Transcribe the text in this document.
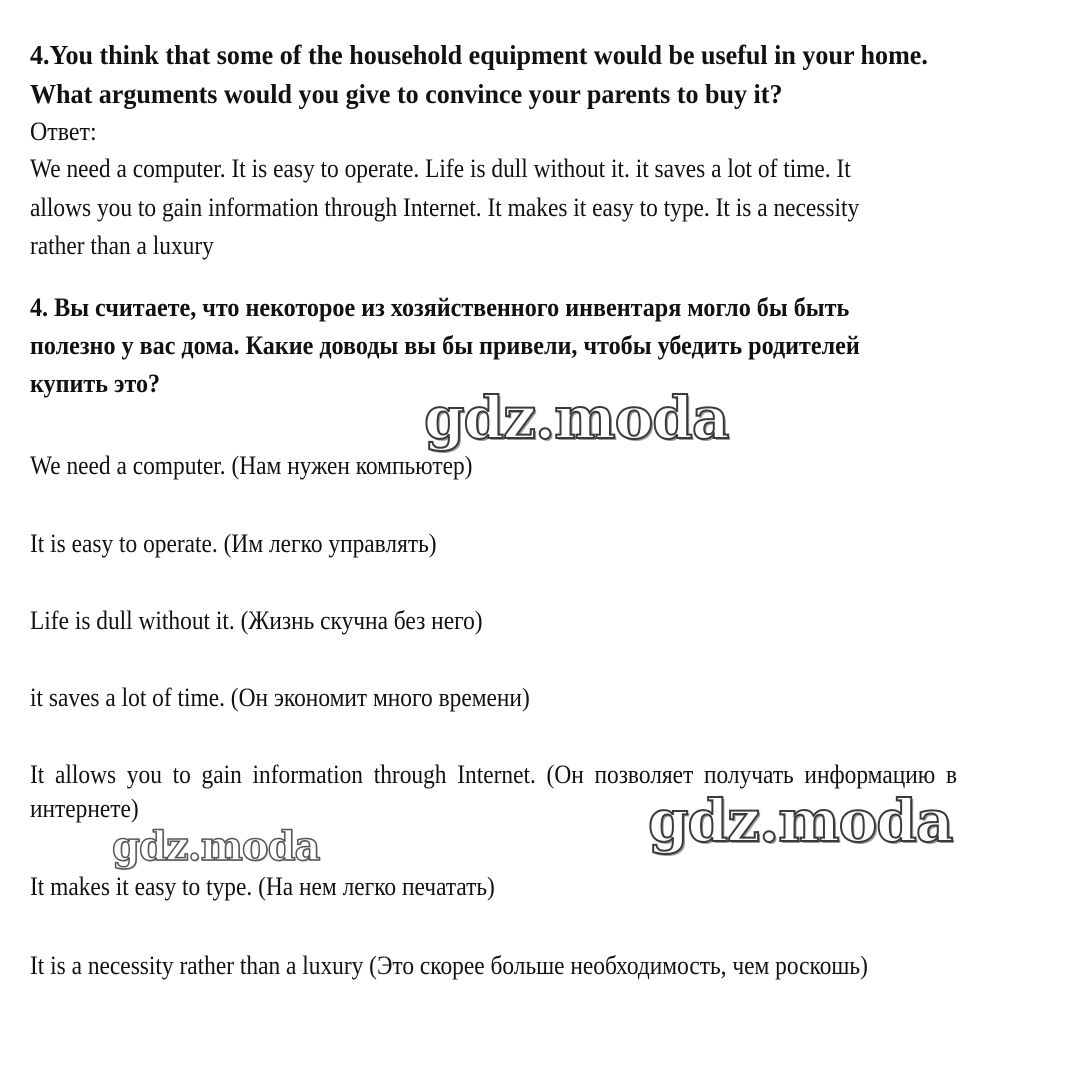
4.You think that some of the household equipment would be useful in your home. What arguments would you give to convince your parents to buy it?

Ответ:

We need a computer. It is easy to operate. Life is dull without it. it saves a lot of time. It allows you to gain information through Internet. It makes it easy to type. It is a necessity rather than a luxury

4. Вы считаете, что некоторое из хозяйственного инвентаря могло бы быть полезно у вас дома. Какие доводы вы бы привели, чтобы убедить родителей купить это?

We need a computer. (Нам нужен компьютер)

It is easy to operate. (Им легко управлять)

Life is dull without it. (Жизнь скучна без него)

it saves a lot of time. (Он экономит много времени)

It allows you to gain information through Internet. (Он позволяет получать информацию в интернете)

It makes it easy to type. (На нем легко печатать)

It is a necessity rather than a luxury (Это скорее больше необходимость, чем роскошь)

gdz.moda
gdz.moda
gdz.moda
